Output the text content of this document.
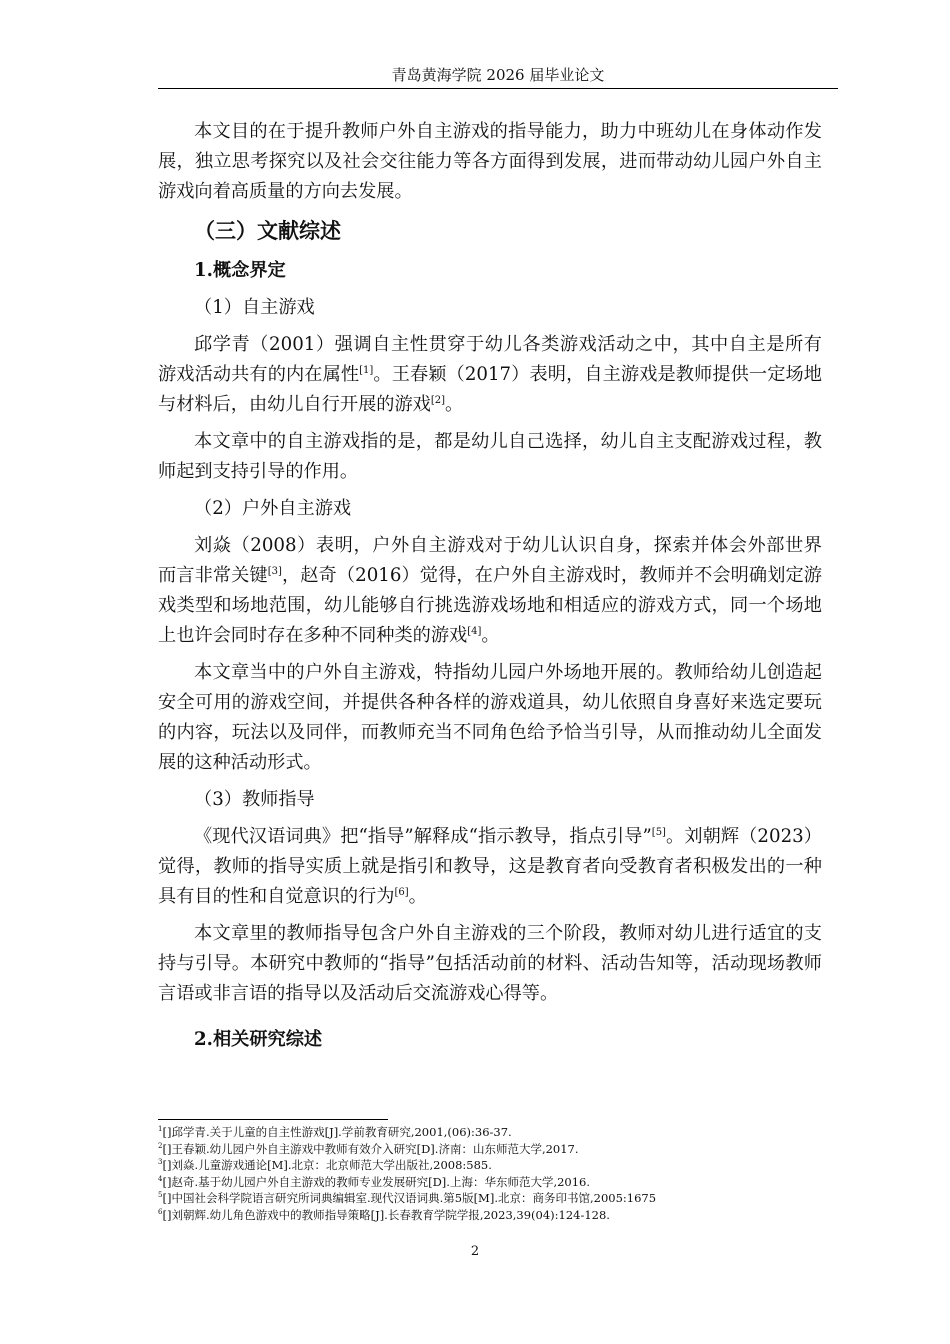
青岛黄海学院 2026 届毕业论文

本文目的在于提升教师户外自主游戏的指导能力，助力中班幼儿在身体动作发展，独立思考探究以及社会交往能力等各方面得到发展，进而带动幼儿园户外自主游戏向着高质量的方向去发展。

（三）文献综述
1.概念界定
（1）自主游戏

邱学青（2001）强调自主性贯穿于幼儿各类游戏活动之中，其中自主是所有游戏活动共有的内在属性[1]。王春颖（2017）表明，自主游戏是教师提供一定场地与材料后，由幼儿自行开展的游戏[2]。

本文章中的自主游戏指的是，都是幼儿自己选择，幼儿自主支配游戏过程，教师起到支持引导的作用。

（2）户外自主游戏

刘焱（2008）表明，户外自主游戏对于幼儿认识自身，探索并体会外部世界而言非常关键[3]，赵奇（2016）觉得，在户外自主游戏时，教师并不会明确划定游戏类型和场地范围，幼儿能够自行挑选游戏场地和相适应的游戏方式，同一个场地上也许会同时存在多种不同种类的游戏[4]。

本文章当中的户外自主游戏，特指幼儿园户外场地开展的。教师给幼儿创造起安全可用的游戏空间，并提供各种各样的游戏道具，幼儿依照自身喜好来选定要玩的内容，玩法以及同伴，而教师充当不同角色给予恰当引导，从而推动幼儿全面发展的这种活动形式。

（3）教师指导

《现代汉语词典》把“指导”解释成“指示教导，指点引导”[5]。刘朝辉（2023）觉得，教师的指导实质上就是指引和教导，这是教育者向受教育者积极发出的一种具有目的性和自觉意识的行为[6]。

本文章里的教师指导包含户外自主游戏的三个阶段，教师对幼儿进行适宜的支持与引导。本研究中教师的“指导”包括活动前的材料、活动告知等，活动现场教师言语或非言语的指导以及活动后交流游戏心得等。

2.相关研究综述
$^1$[]邱学青.关于儿童的自主性游戏[J].学前教育研究,2001,(06):36-37.
$^2$[]王春颖.幼儿园户外自主游戏中教师有效介入研究[D].济南：山东师范大学,2017.
$^3$[]刘焱.儿童游戏通论[M].北京：北京师范大学出版社,2008:585.
$^4$[]赵奇.基于幼儿园户外自主游戏的教师专业发展研究[D].上海：华东师范大学,2016.
$^5$[]中国社会科学院语言研究所词典编辑室.现代汉语词典.第5版[M].北京：商务印书馆,2005:1675
$^6$[]刘朝辉.幼儿角色游戏中的教师指导策略[J].长春教育学院学报,2023,39(04):124-128.
2
